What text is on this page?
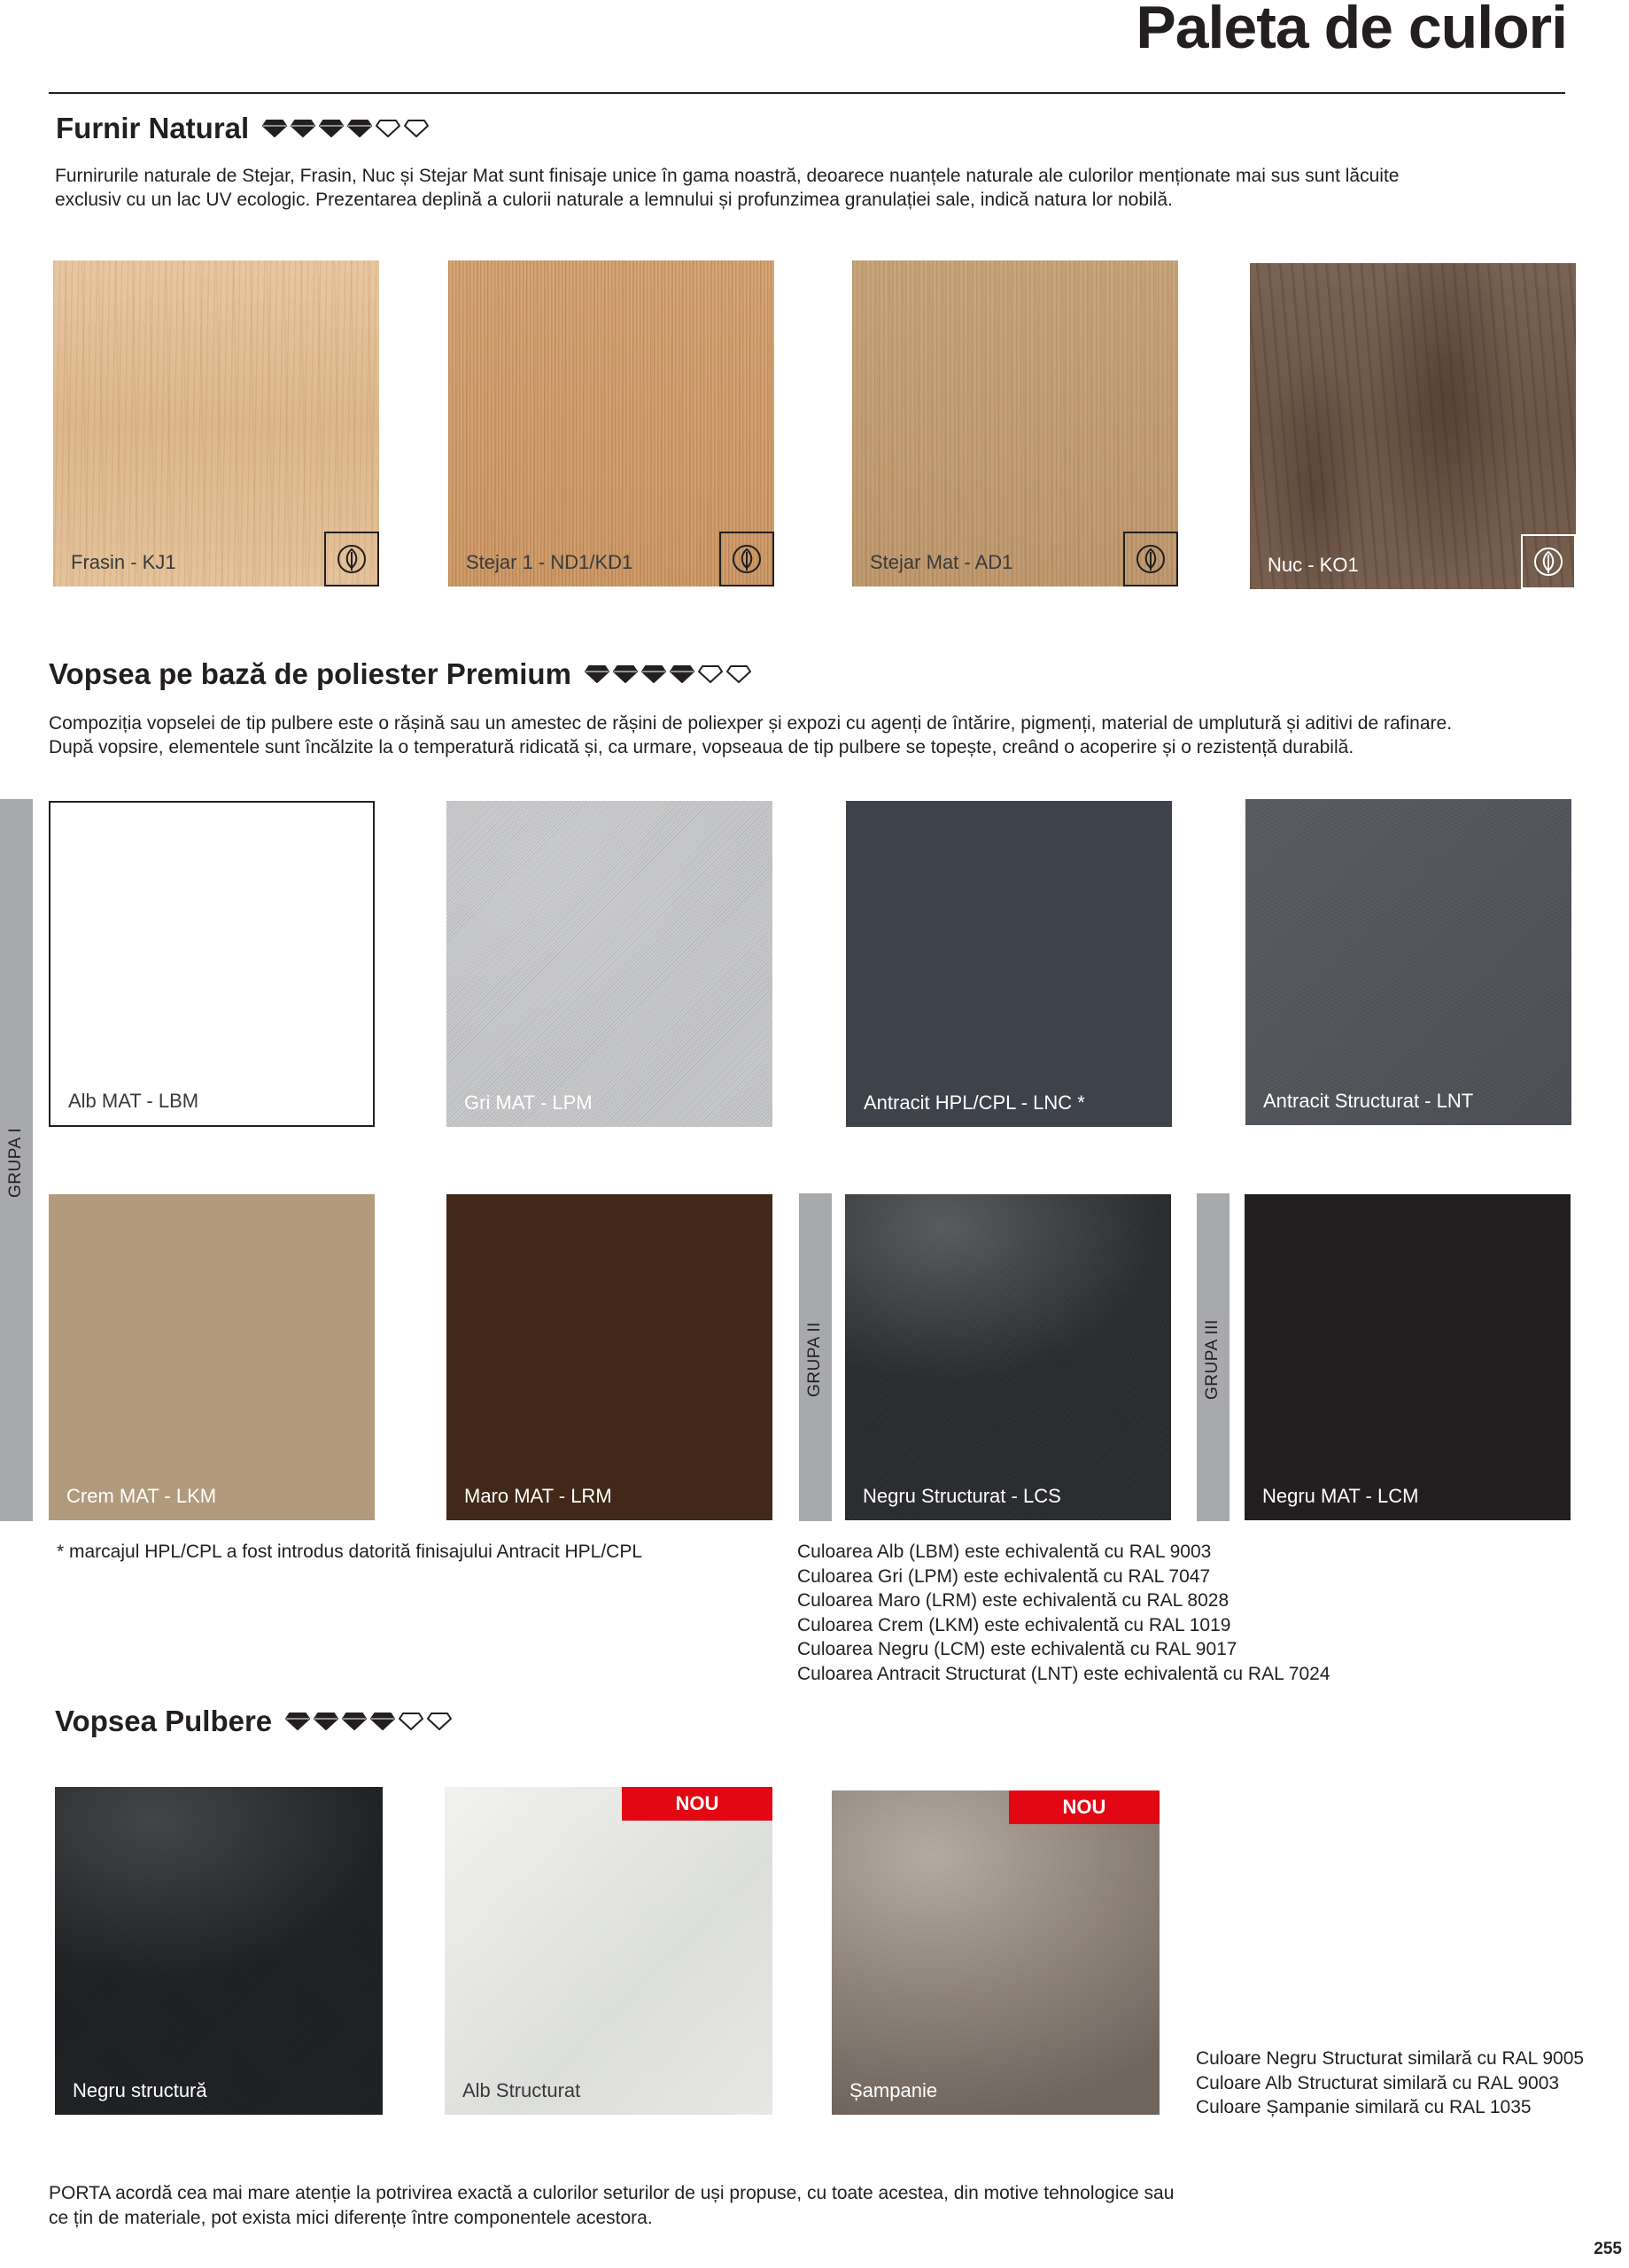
Paleta de culori
Furnir Natural

Furnirurile naturale de Stejar, Frasin, Nuc și Stejar Mat sunt finisaje unice în gama noastră, deoarece nuanțele naturale ale culorilor menționate mai sus sunt lăcuite

exclusiv cu un lac UV ecologic. Prezentarea deplină a culorii naturale a lemnului și profunzimea granulației sale, indică natura lor nobilă.

Frasin - KJ1	Stejar 1 - ND1/KD1	Stejar Mat - AD1	Nuc - KO1
Vopsea pe bază de poliester Premium

Compoziția vopselei de tip pulbere este o rășină sau un amestec de rășini de poliexper și expozi cu agenți de întărire, pigmenți, material de umplutură și aditivi de rafinare.

După vopsire, elementele sunt încălzite la o temperatură ridicată și, ca urmare, vopseaua de tip pulbere se topește, creând o acoperire și o rezistență durabilă.

GRUPA I
GRUPA II	GRUPA III
Alb MAT - LBM	Gri MAT - LPM	Antracit HPL/CPL - LNC *	Antracit Structurat - LNT
Crem MAT - LKM	Maro MAT - LRM	Negru Structurat - LCS	Negru MAT - LCM
* marcajul HPL/CPL a fost introdus datorită finisajului Antracit HPL/CPL	Culoarea Alb (LBM) este echivalentă cu RAL 9003
Culoarea Gri (LPM) este echivalentă cu RAL 7047
Culoarea Maro (LRM) este echivalentă cu RAL 8028
Culoarea Crem (LKM) este echivalentă cu RAL 1019
Culoarea Negru (LCM) este echivalentă cu RAL 9017
Culoarea Antracit Structurat (LNT) este echivalentă cu RAL 7024
Vopsea Pulbere
Negru structură
NOU
Alb Structurat
NOU
Șampanie
Culoare Negru Structurat similară cu RAL 9005
Culoare Alb Structurat similară cu RAL 9003
Culoare Șampanie similară cu RAL 1035
PORTA acordă cea mai mare atenție la potrivirea exactă a culorilor seturilor de uși propuse, cu toate acestea, din motive tehnologice sau
ce țin de materiale, pot exista mici diferențe între componentele acestora.
255
